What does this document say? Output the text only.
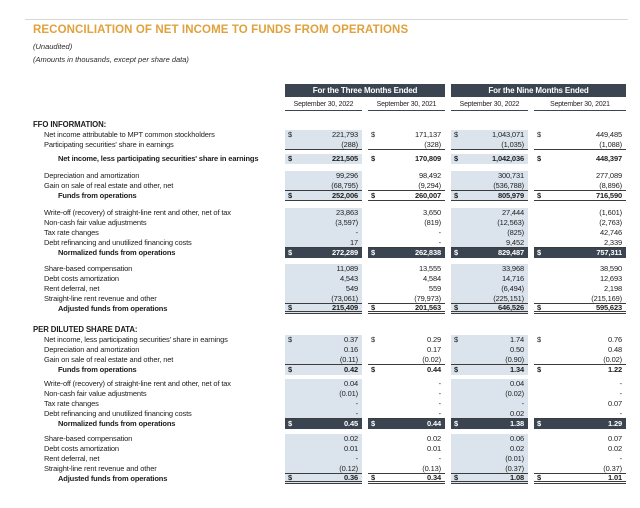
RECONCILIATION OF NET INCOME TO FUNDS FROM OPERATIONS
(Unaudited)
(Amounts in thousands, except per share data)
For the Three Months Ended	For the Nine Months Ended
September 30, 2022	September 30, 2021	September 30, 2022	September 30, 2021
FFO INFORMATION:
Net income attributable to MPT common stockholders	$	221,793	$	171,137	$	1,043,071	$	449,485
Participating securities' share in earnings	(288)	(328)	(1,035)	(1,088)
Net income, less participating securities' share in earnings	$	221,505	$	170,809	$	1,042,036	$	448,397
Depreciation and amortization	99,296	98,492	300,731	277,089
Gain on sale of real estate and other, net	(68,795)	(9,294)	(536,788)	(8,896)
Funds from operations	$	252,006	$	260,007	$	805,979	$	716,590
Write-off (recovery) of straight-line rent and other, net of tax	23,863	3,650	27,444	(1,601)
Non-cash fair value adjustments	(3,597)	(819)	(12,563)	(2,763)
Tax rate changes	-	-	(825)	42,746
Debt refinancing and unutilized financing costs	17	-	9,452	2,339
Normalized funds from operations	$	272,289	$	262,838	$	829,487	$	757,311
Share-based compensation	11,089	13,555	33,968	38,590
Debt costs amortization	4,543	4,584	14,716	12,693
Rent deferral, net	549	559	(6,494)	2,198
Straight-line rent revenue and other	(73,061)	(79,973)	(225,151)	(215,169)
Adjusted funds from operations	$	215,409	$	201,563	$	646,526	$	595,623
PER DILUTED SHARE DATA:
Net income, less participating securities' share in earnings	$	0.37	$	0.29	$	1.74	$	0.76
Depreciation and amortization	0.16	0.17	0.50	0.48
Gain on sale of real estate and other, net	(0.11)	(0.02)	(0.90)	(0.02)
Funds from operations	$	0.42	$	0.44	$	1.34	$	1.22
Write-off (recovery) of straight-line rent and other, net of tax	0.04	-	0.04	-
Non-cash fair value adjustments	(0.01)	-	(0.02)	-
Tax rate changes	-	-	-	0.07
Debt refinancing and unutilized financing costs	-	-	0.02	-
Normalized funds from operations	$	0.45	$	0.44	$	1.38	$	1.29
Share-based compensation	0.02	0.02	0.06	0.07
Debt costs amortization	0.01	0.01	0.02	0.02
Rent deferral, net	-	-	(0.01)	-
Straight-line rent revenue and other	(0.12)	(0.13)	(0.37)	(0.37)
Adjusted funds from operations	$	0.36	$	0.34	$	1.08	$	1.01
